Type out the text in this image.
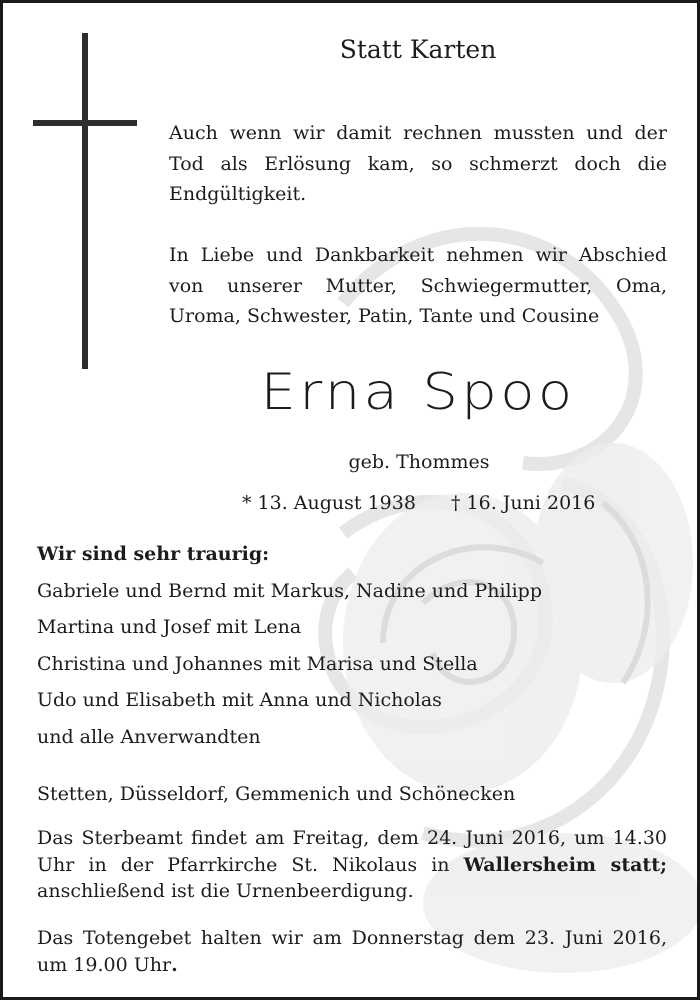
Statt Karten
Auch wenn wir damit rechnen mussten und der
Tod als Erlösung kam, so schmerzt doch die
Endgültigkeit.
In Liebe und Dankbarkeit nehmen wir Abschied
von unserer Mutter, Schwiegermutter, Oma,
Uroma, Schwester, Patin, Tante und Cousine
Erna Spoo
geb. Thommes
* 13. August 1938 † 16. Juni 2016
Wir sind sehr traurig:
Gabriele und Bernd mit Markus, Nadine und Philipp
Martina und Josef mit Lena
Christina und Johannes mit Marisa und Stella
Udo und Elisabeth mit Anna und Nicholas
und alle Anverwandten
Stetten, Düsseldorf, Gemmenich und Schönecken
Das Sterbeamt findet am Freitag, dem 24. Juni 2016, um 14.30
Uhr in der Pfarrkirche St. Nikolaus in Wallersheim statt;
anschließend ist die Urnenbeerdigung.
Das Totengebet halten wir am Donnerstag dem 23. Juni 2016,
um 19.00 Uhr.
